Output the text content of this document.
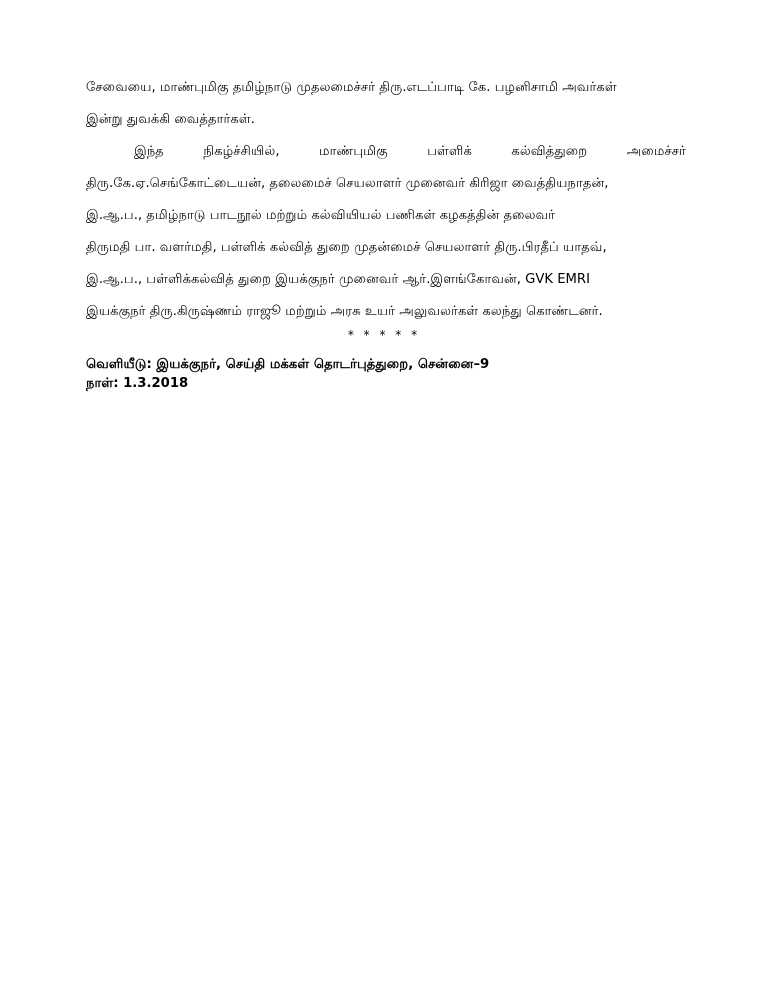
சேவையை, மாண்புமிகு தமிழ்நாடு முதலமைச்சர் திரு.எடப்பாடி கே. பழனிசாமி அவர்கள்
இன்று துவக்கி வைத்தார்கள்.
இந்த	நிகழ்ச்சியில்,	மாண்புமிகு	பள்ளிக்	கல்வித்துறை	அமைச்சர்
திரு.கே.ஏ.செங்கோட்டையன், தலைமைச் செயலாளர் முனைவர் கிரிஜா வைத்தியநாதன்,
இ.ஆ.ப., தமிழ்நாடு பாடநூல் மற்றும் கல்வியியல் பணிகள் கழகத்தின் தலைவர்
திருமதி பா. வளர்மதி, பள்ளிக் கல்வித் துறை முதன்மைச் செயலாளர் திரு.பிரதீப் யாதவ்,
இ.ஆ.ப., பள்ளிக்கல்வித் துறை இயக்குநர் முனைவர் ஆர்.இளங்கோவன், GVK EMRI
இயக்குநர் திரு.கிருஷ்ணம் ராஜூ மற்றும் அரசு உயர் அலுவலர்கள் கலந்து கொண்டனர்.
* * * * *
வெளியீடு: இயக்குநர், செய்தி மக்கள் தொடர்புத்துறை, சென்னை–9
நாள்: 1.3.2018
